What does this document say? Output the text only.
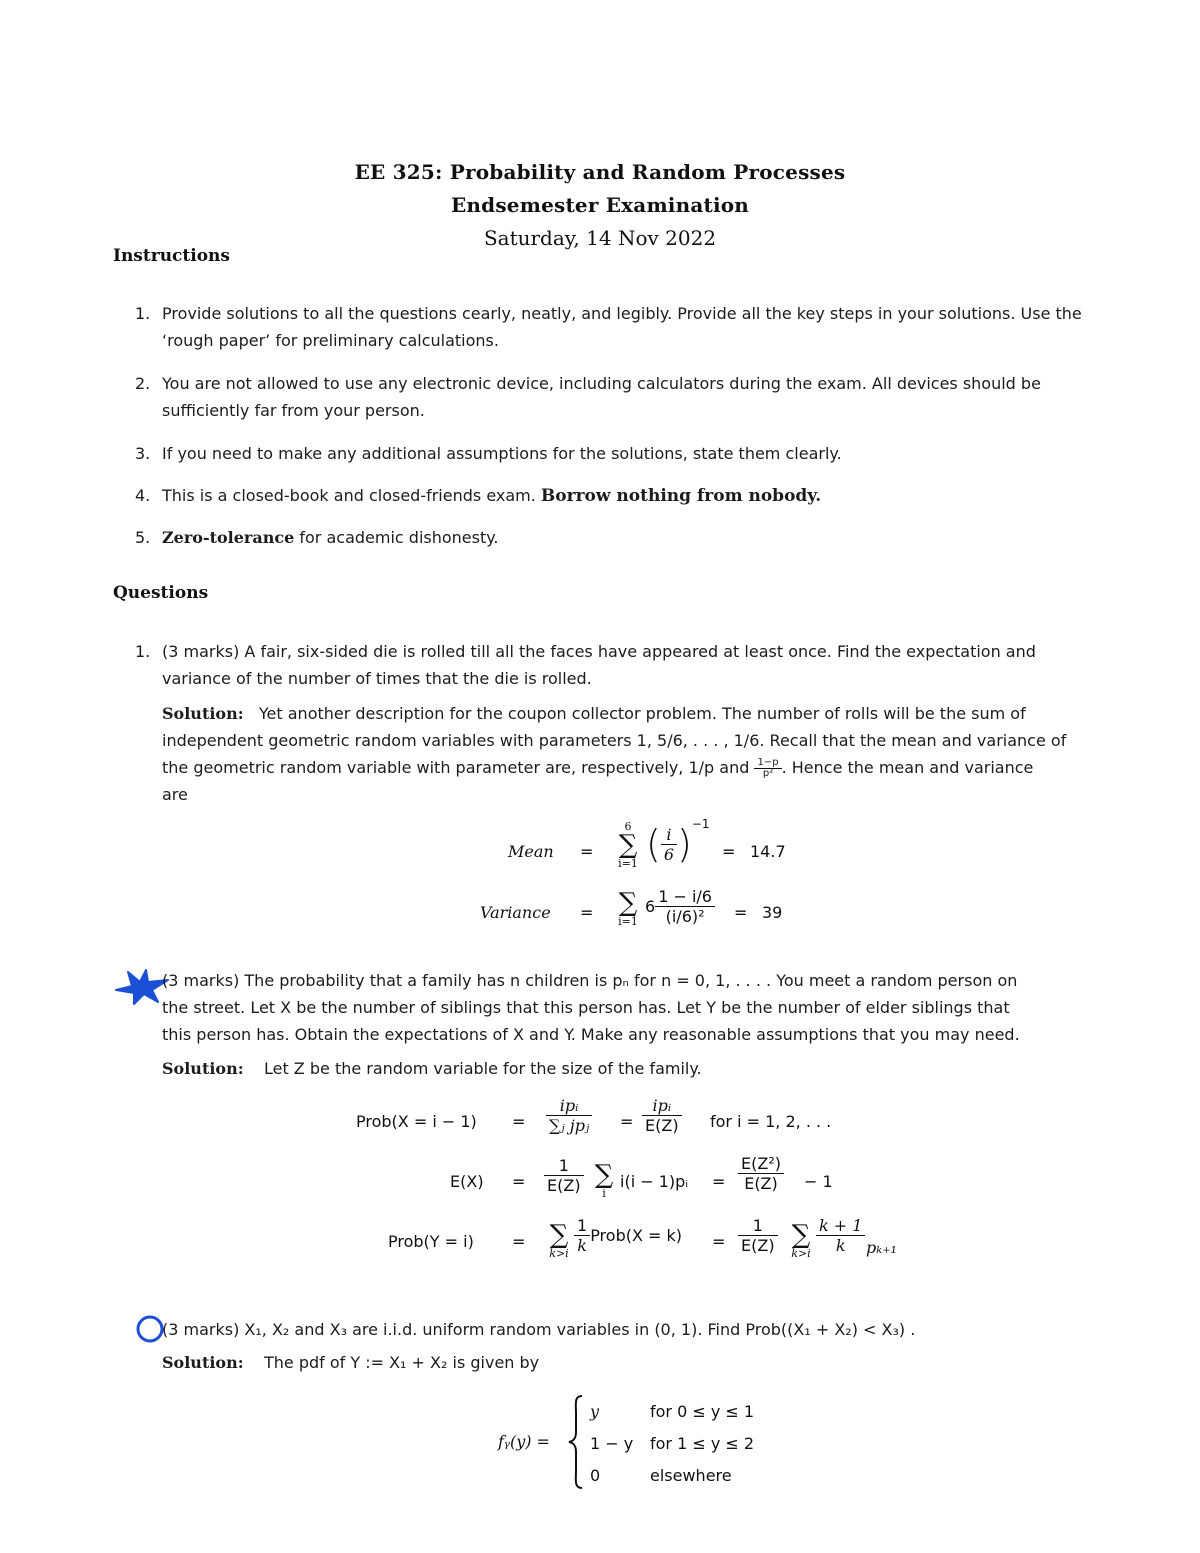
EE 325: Probability and Random Processes
Endsemester Examination
Saturday, 14 Nov 2022
Instructions
1. Provide solutions to all the questions cearly, neatly, and legibly. Provide all the key steps in your solutions. Use the ‘rough paper’ for preliminary calculations.
2. You are not allowed to use any electronic device, including calculators during the exam. All devices should be sufficiently far from your person.
3. If you need to make any additional assumptions for the solutions, state them clearly.
4. This is a closed-book and closed-friends exam. Borrow nothing from nobody.
5. Zero-tolerance for academic dishonesty.
Questions
1. (3 marks) A fair, six-sided die is rolled till all the faces have appeared at least once. Find the expectation and variance of the number of times that the die is rolled.
Solution: Yet another description for the coupon collector problem. The number of rolls will be the sum of
independent geometric random variables with parameters 1, 5/6, . . . , 1/6. Recall that the mean and variance of
the geometric random variable with parameter are, respectively, 1/p and $\frac{1-p}{\text{p²}}$ . Hence the mean and variance
are
Mean =
6
∑
i=1 ( $\frac{i}{6} )^{-1}$
= 14.7
Variance = ∑
i=1
$6 \frac{1 - i/6}{\text{(i/6)²}} = 39$
(3 marks) The probability that a family has n children is pₙ for n = 0, 1, . . . . You meet a random person on
the street. Let X be the number of siblings that this person has. Let Y be the number of elder siblings that
this person has. Obtain the expectations of X and Y. Make any reasonable assumptions that you may need.
Solution: Let Z be the random variable for the size of the family.
Prob(X = i − 1) =
ipᵢ
∑ⱼ jpⱼ =
ipᵢ
E(Z) for i = 1, 2, . . .
$E(X) = \frac{1}{E(Z)}$ ∑
i
i(i − 1)pᵢ = $\frac{\text{E(Z²)}}{E(Z)} - 1$
Prob(Y = i) = ∑
$k>i \frac{1}{k}$ Prob(X = $k) = \frac{1}{E(Z)}$ ∑
$k>i \frac{k + 1}{k} p_{k+1}$
(3 marks) X₁, X₂ and X₃ are i.i.d. uniform random variables in (0, 1). Find Prob((X₁ + X₂) < X₃) .
Solution: The pdf of Y := X₁ + X₂ is given by
fᵧ(y) =
y	for 0 ≤ y ≤ 1
1 − y for 1 ≤ y ≤ 2
0	elsewhere
